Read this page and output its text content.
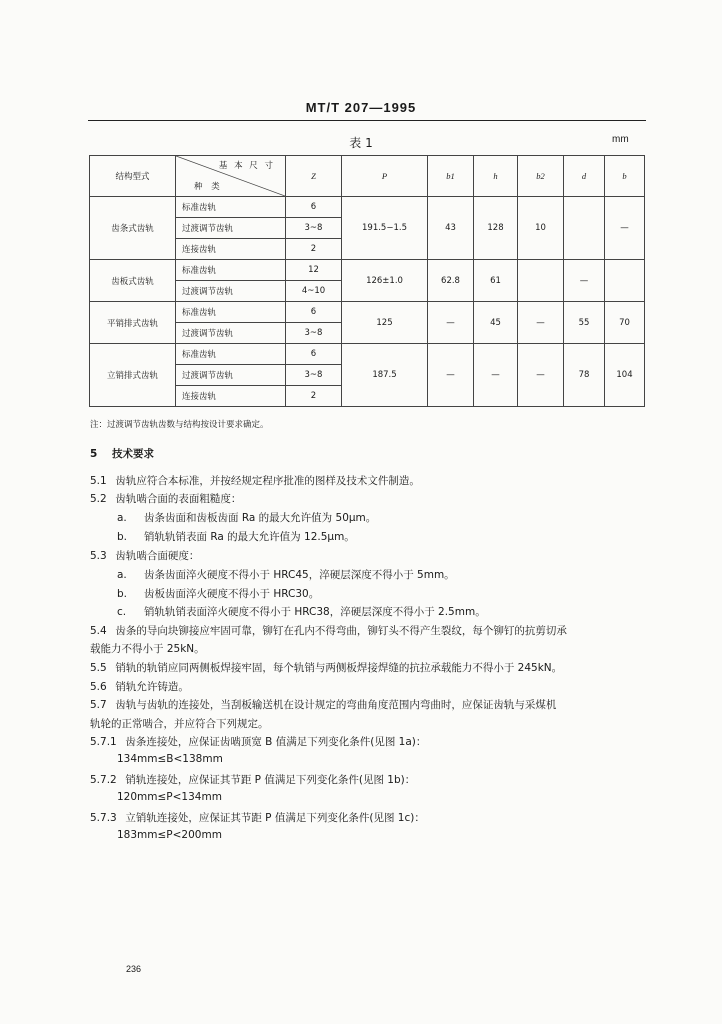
MT/T 207—1995
表 1	mm
结构型式	基 本 尺 寸
种 类	Z	P	b1	h	b2	d	b
齿条式齿轨	标准齿轨	6	191.5−1.5	43	128	10		—
	过渡调节齿轨	3~8						
	连接齿轨	2						
齿板式齿轨	标准齿轨	12	126±1.0	62.8	61		—	
	过渡调节齿轨	4~10						
平销排式齿轨	标准齿轨	6	125	—	45	—	55	70
	过渡调节齿轨	3~8						
立销排式齿轨	标准齿轨	6	187.5	—	—	—	78	104
	过渡调节齿轨	3~8						
	连接齿轨	2						
注：过渡调节齿轨齿数与结构按设计要求确定。
5 技术要求
5.1 齿轨应符合本标准，并按经规定程序批准的图样及技术文件制造。
5.2 齿轨啮合面的表面粗糙度：
a. 齿条齿面和齿板齿面 Ra 的最大允许值为 50μm。
b. 销轨轨销表面 Ra 的最大允许值为 12.5μm。
5.3 齿轨啮合面硬度：
a. 齿条齿面淬火硬度不得小于 HRC45，淬硬层深度不得小于 5mm。
b. 齿板齿面淬火硬度不得小于 HRC30。
c. 销轨轨销表面淬火硬度不得小于 HRC38，淬硬层深度不得小于 2.5mm。
5.4 齿条的导向块铆接应牢固可靠，铆钉在孔内不得弯曲，铆钉头不得产生裂纹，每个铆钉的抗剪切承
载能力不得小于 25kN。
5.5 销轨的轨销应同两侧板焊接牢固，每个轨销与两侧板焊接焊缝的抗拉承载能力不得小于 245kN。
5.6 销轨允许铸造。
5.7 齿轨与齿轨的连接处，当刮板输送机在设计规定的弯曲角度范围内弯曲时，应保证齿轨与采煤机
轨轮的正常啮合，并应符合下列规定。
5.7.1 齿条连接处，应保证齿啮顶宽 B 值满足下列变化条件(见图 1a)：
134mm≤B<138mm
5.7.2 销轨连接处，应保证其节距 P 值满足下列变化条件(见图 1b)：
120mm≤P<134mm
5.7.3 立销轨连接处，应保证其节距 P 值满足下列变化条件(见图 1c)：
183mm≤P<200mm
236
